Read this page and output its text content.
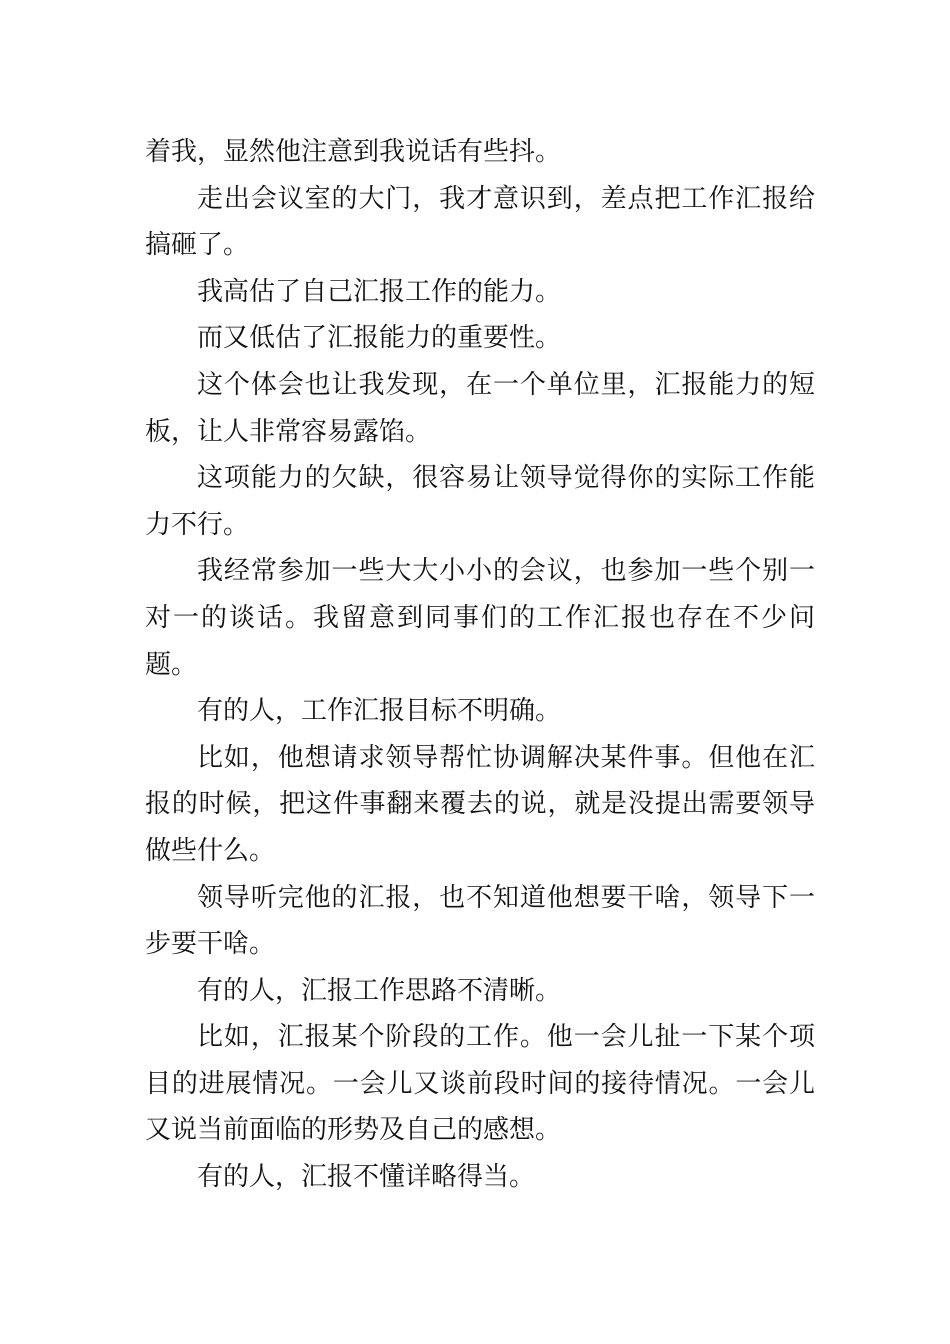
着我，显然他注意到我说话有些抖。

走出会议室的大门，我才意识到，差点把工作汇报给搞砸了。

我高估了自己汇报工作的能力。

而又低估了汇报能力的重要性。

这个体会也让我发现，在一个单位里，汇报能力的短板，让人非常容易露馅。

这项能力的欠缺，很容易让领导觉得你的实际工作能力不行。

我经常参加一些大大小小的会议，也参加一些个别一对一的谈话。我留意到同事们的工作汇报也存在不少问题。

有的人，工作汇报目标不明确。

比如，他想请求领导帮忙协调解决某件事。但他在汇报的时候，把这件事翻来覆去的说，就是没提出需要领导做些什么。

领导听完他的汇报，也不知道他想要干啥，领导下一步要干啥。

有的人，汇报工作思路不清晰。

比如，汇报某个阶段的工作。他一会儿扯一下某个项目的进展情况。一会儿又谈前段时间的接待情况。一会儿又说当前面临的形势及自己的感想。

有的人，汇报不懂详略得当。
